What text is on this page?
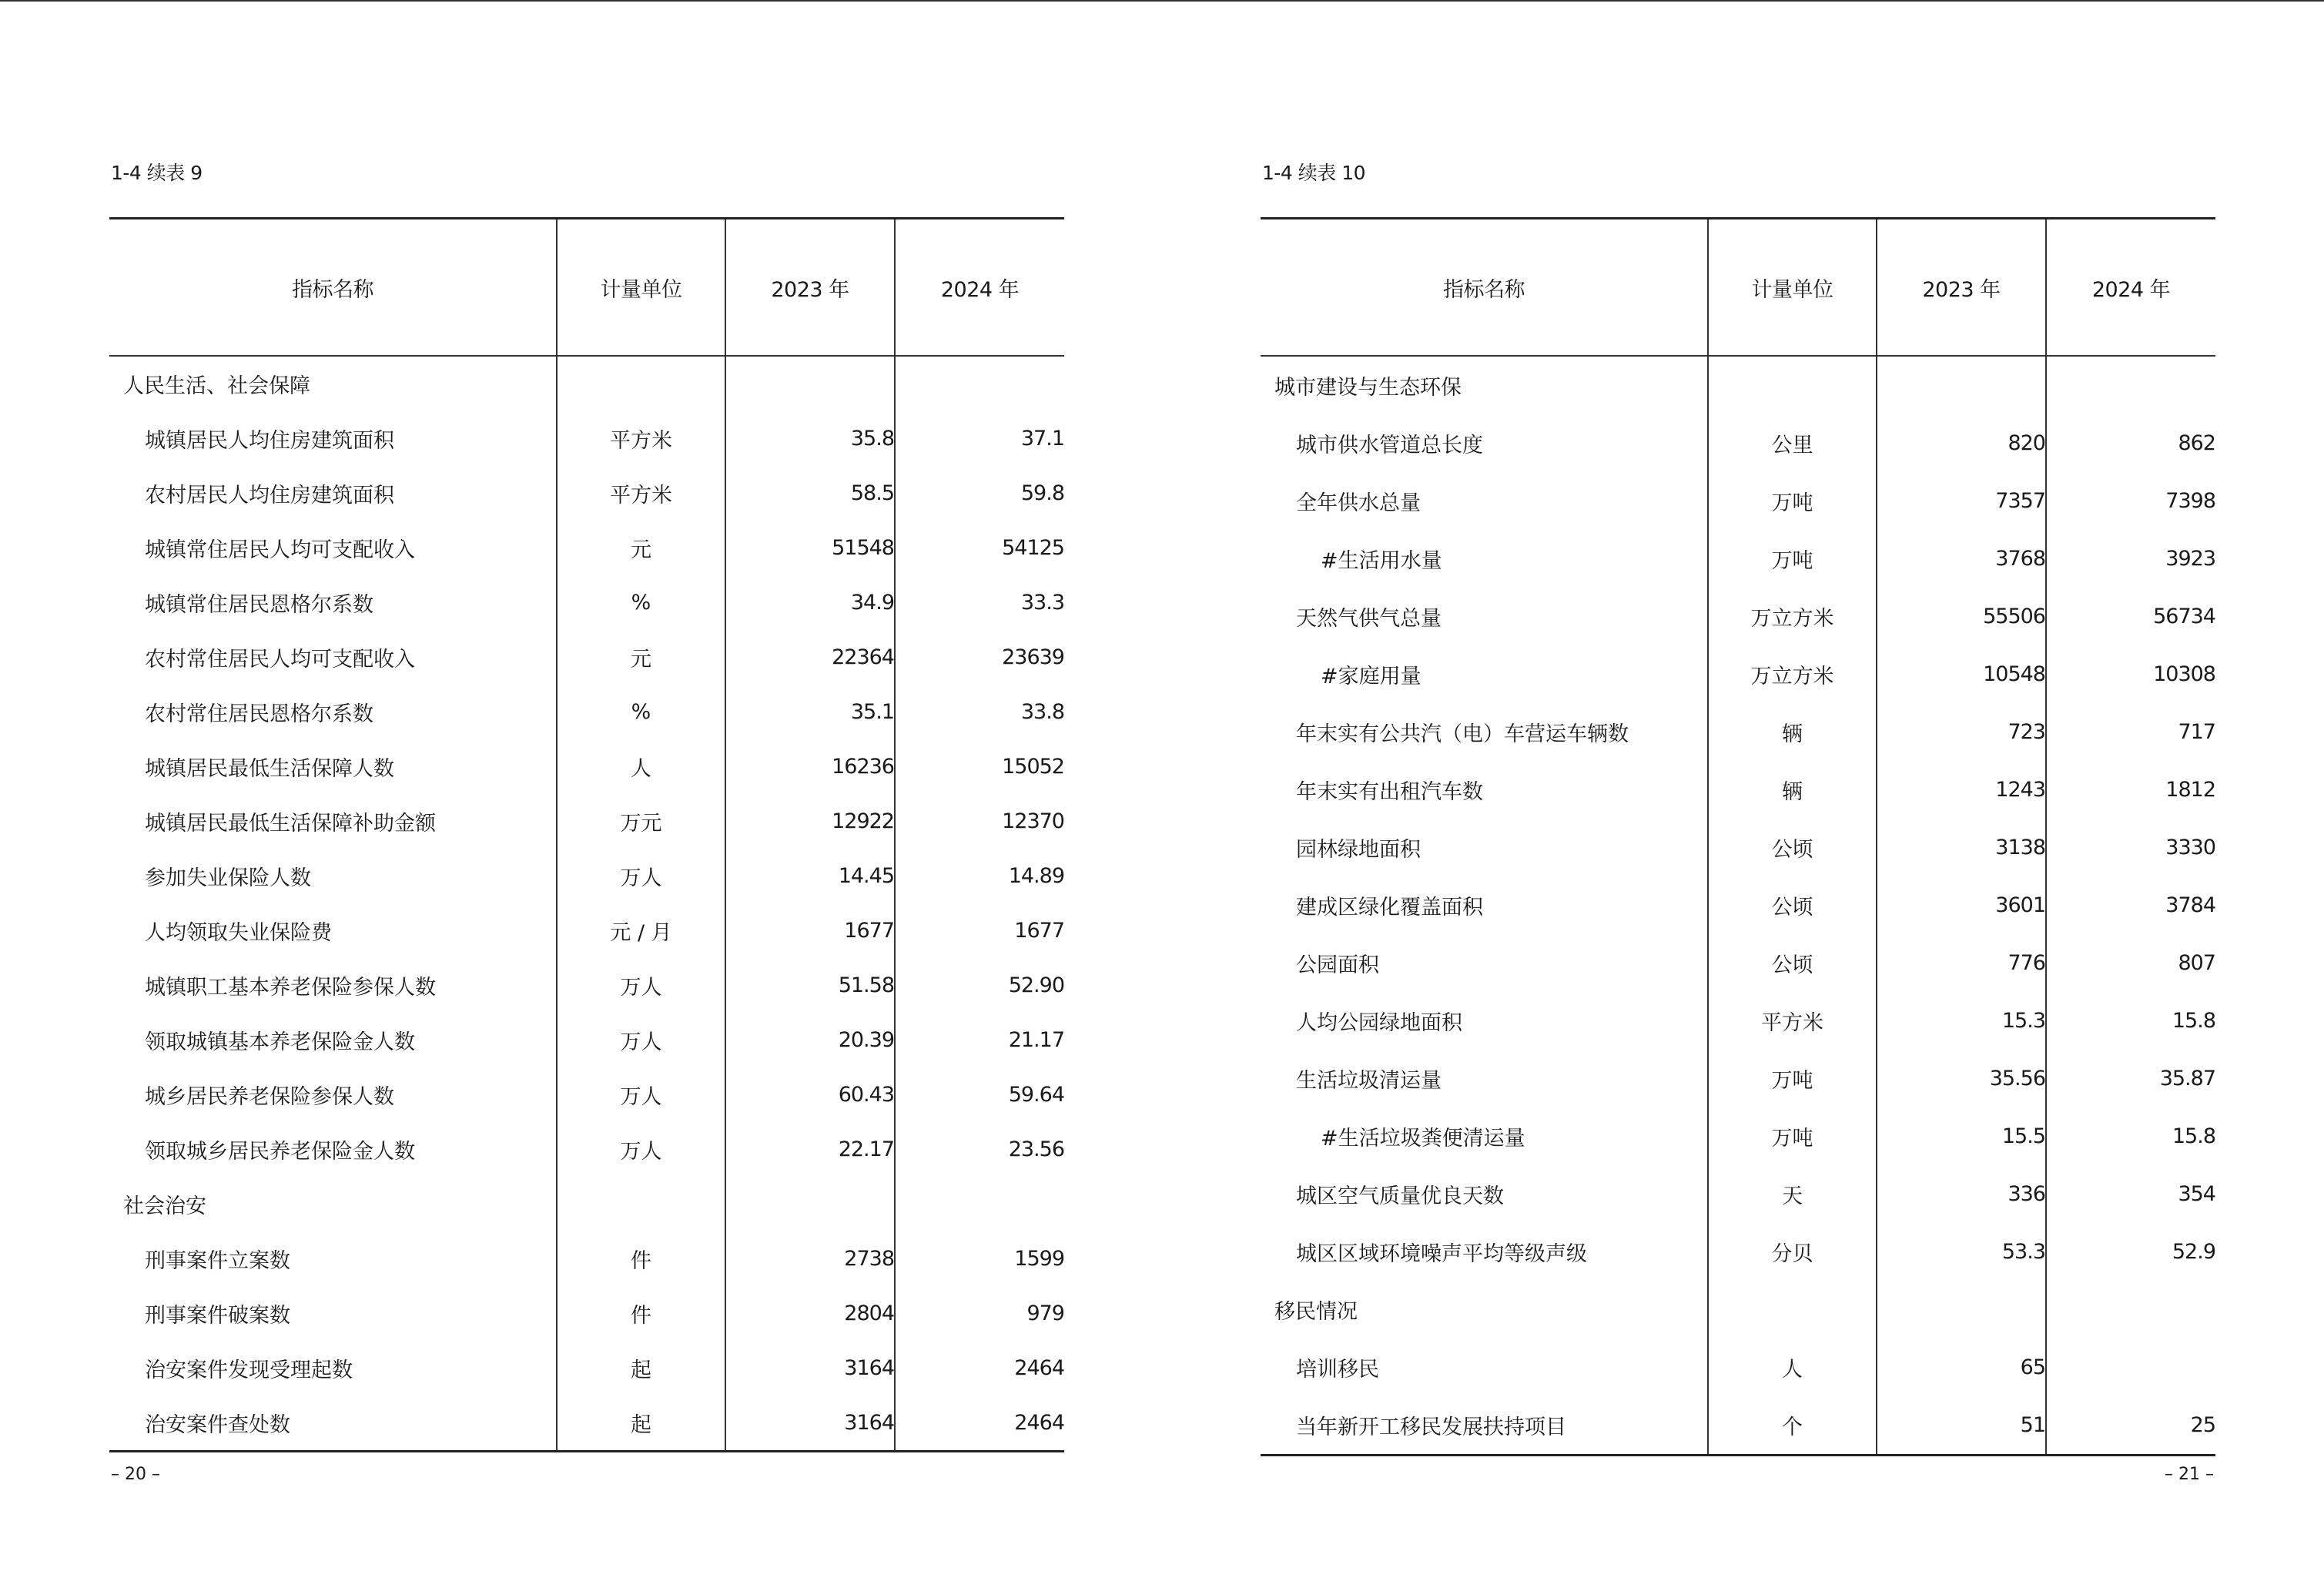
1-4 续表 9
指标名称	计量单位	2023 年	2024 年
人民生活、社会保障			
城镇居民人均住房建筑面积	平方米	35.8	37.1
农村居民人均住房建筑面积	平方米	58.5	59.8
城镇常住居民人均可支配收入	元	51548	54125
城镇常住居民恩格尔系数	%	34.9	33.3
农村常住居民人均可支配收入	元	22364	23639
农村常住居民恩格尔系数	%	35.1	33.8
城镇居民最低生活保障人数	人	16236	15052
城镇居民最低生活保障补助金额	万元	12922	12370
参加失业保险人数	万人	14.45	14.89
人均领取失业保险费	元 / 月	1677	1677
城镇职工基本养老保险参保人数	万人	51.58	52.90
领取城镇基本养老保险金人数	万人	20.39	21.17
城乡居民养老保险参保人数	万人	60.43	59.64
领取城乡居民养老保险金人数	万人	22.17	23.56
社会治安			
刑事案件立案数	件	2738	1599
刑事案件破案数	件	2804	979
治安案件发现受理起数	起	3164	2464
治安案件查处数	起	3164	2464
– 20 –
1-4 续表 10
指标名称	计量单位	2023 年	2024 年
城市建设与生态环保			
城市供水管道总长度	公里	820	862
全年供水总量	万吨	7357	7398
#生活用水量	万吨	3768	3923
天然气供气总量	万立方米	55506	56734
#家庭用量	万立方米	10548	10308
年末实有公共汽（电）车营运车辆数	辆	723	717
年末实有出租汽车数	辆	1243	1812
园林绿地面积	公顷	3138	3330
建成区绿化覆盖面积	公顷	3601	3784
公园面积	公顷	776	807
人均公园绿地面积	平方米	15.3	15.8
生活垃圾清运量	万吨	35.56	35.87
#生活垃圾粪便清运量	万吨	15.5	15.8
城区空气质量优良天数	天	336	354
城区区域环境噪声平均等级声级	分贝	53.3	52.9
移民情况			
培训移民	人	65	
当年新开工移民发展扶持项目	个	51	25
– 21 –
